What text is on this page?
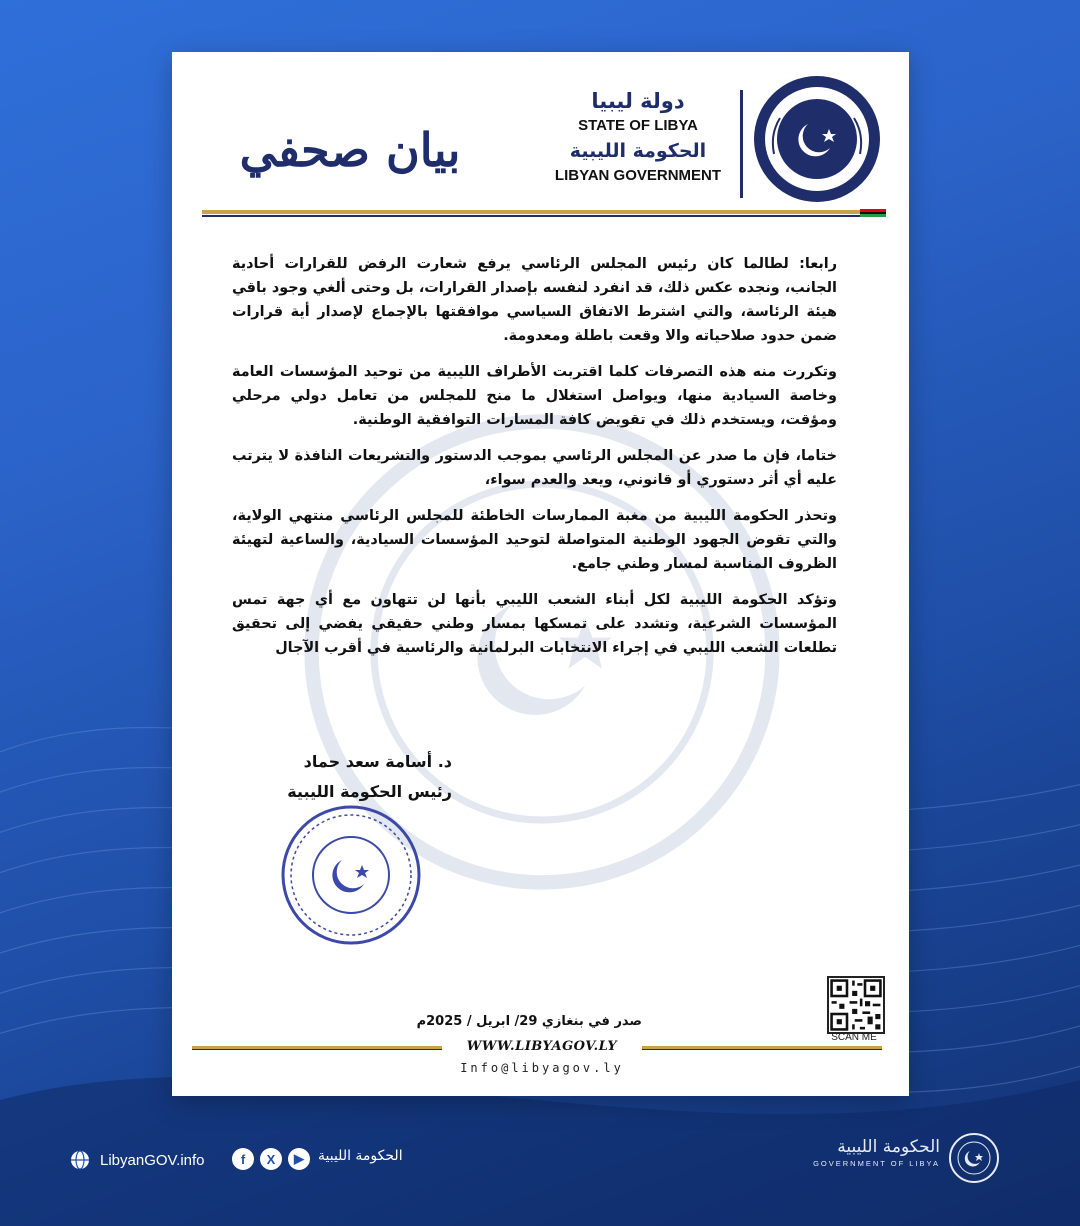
دولة ليبيا
STATE OF LIBYA
الحكومة الليبية
LIBYAN GOVERNMENT
بيان صحفي

رابعا: لطالما كان رئيس المجلس الرئاسي يرفع شعارت الرفض للقرارات أحادية الجانب، ونجده عكس ذلك، قد انفرد لنفسه بإصدار القرارات، بل وحتى ألغي وجود باقي هيئة الرئاسة، والتي اشترط الاتفاق السياسي موافقتها بالإجماع لإصدار أية قرارات ضمن حدود صلاحياته والا وقعت باطلة ومعدومة.

وتكررت منه هذه التصرفات كلما اقتربت الأطراف الليبية من توحيد المؤسسات العامة وخاصة السيادية منها، ويواصل استغلال ما منح للمجلس من تعامل دولي مرحلي ومؤقت، ويستخدم ذلك في تقويض كافة المسارات التوافقية الوطنية.

ختاما، فإن ما صدر عن المجلس الرئاسي بموجب الدستور والتشريعات النافذة لا يترتب عليه أي أثر دستوري أو قانوني، ويعد والعدم سواء،

وتحذر الحكومة الليبية من مغبة الممارسات الخاطئة للمجلس الرئاسي منتهي الولاية، والتي تقوض الجهود الوطنية المتواصلة لتوحيد المؤسسات السيادية، والساعية لتهيئة الظروف المناسبة لمسار وطني جامع.

وتؤكد الحكومة الليبية لكل أبناء الشعب الليبي بأنها لن تتهاون مع أي جهة تمس المؤسسات الشرعية، وتشدد على تمسكها بمسار وطني حقيقي يفضي إلى تحقيق تطلعات الشعب الليبي في إجراء الانتخابات البرلمانية والرئاسية في أقرب الآجال

د. أسامة سعد حماد
رئيس الحكومة الليبية
SCAN ME
صدر في بنغازي 29/ ابريل / 2025م
WWW.LIBYAGOV.LY
Info@libyagov.ly
LibyanGOV.info	f	X	▶	الحكومة الليبية	الحكومة الليبية
GOVERNMENT OF LIBYA
